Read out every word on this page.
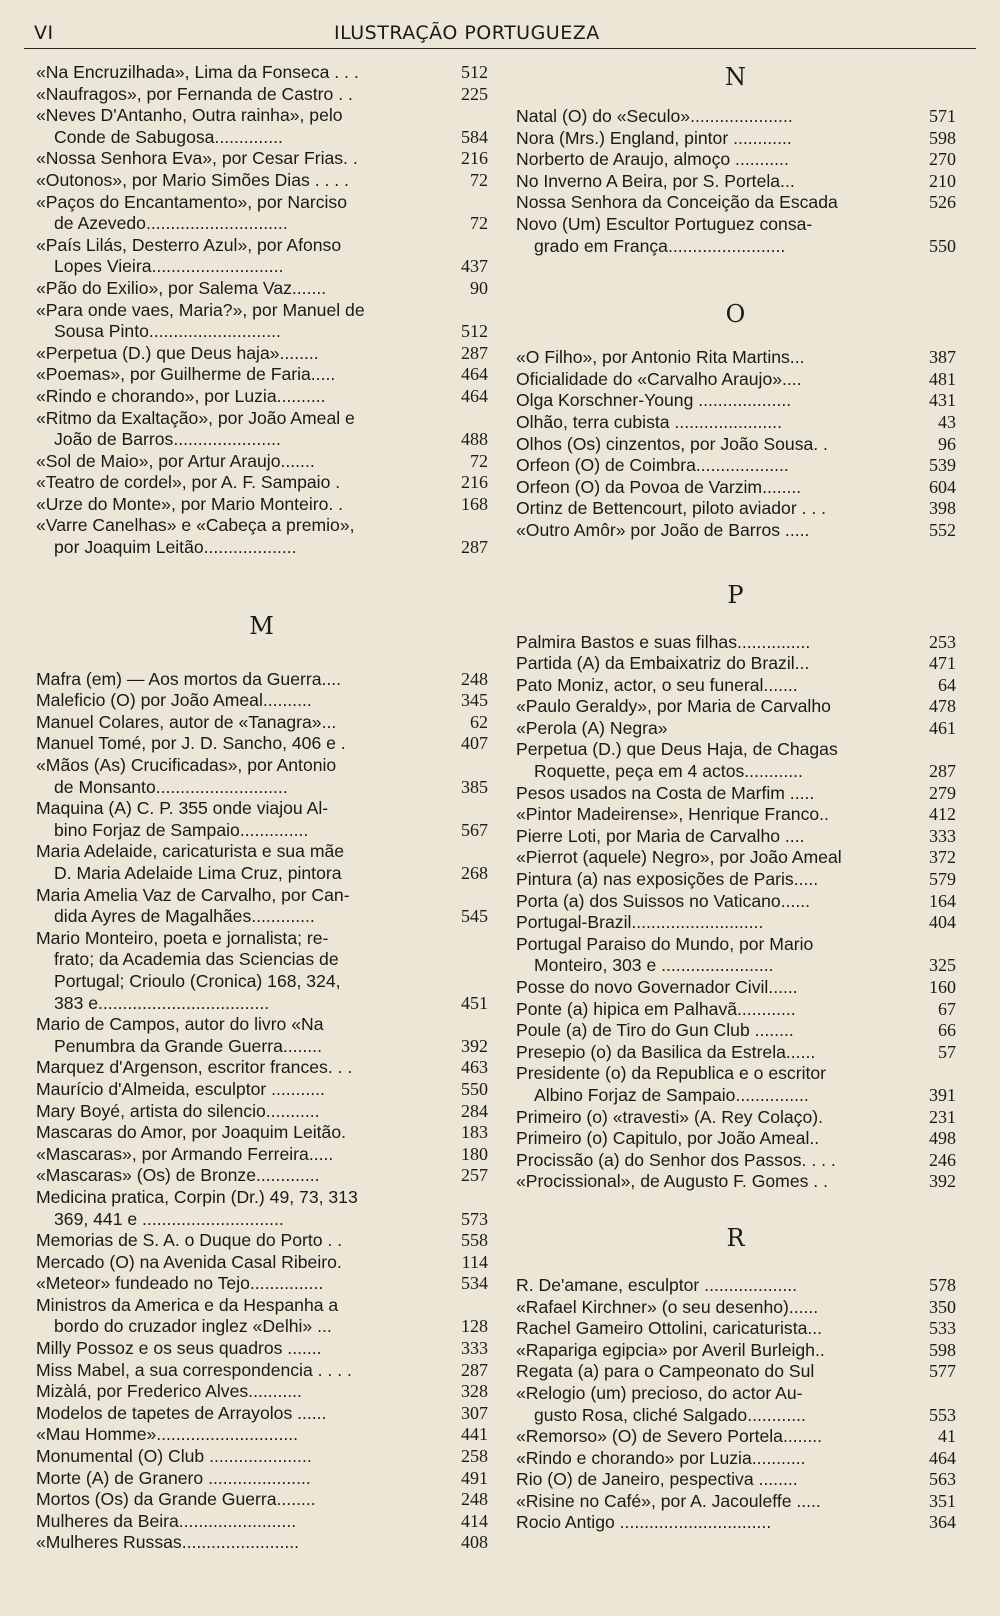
VI	ILUSTRAÇÃO PORTUGUEZA
«Na Encruzilhada», Lima da Fonseca . . .	512
«Naufragos», por Fernanda de Castro . .	225
«Neves D'Antanho, Outra rainha», pelo
Conde de Sabugosa..............	584
«Nossa Senhora Eva», por Cesar Frias. .	216
«Outonos», por Mario Simões Dias . . . .	72
«Paços do Encantamento», por Narciso
de Azevedo.............................	72
«País Lilás, Desterro Azul», por Afonso
Lopes Vieira...........................	437
«Pão do Exilio», por Salema Vaz.......	90
«Para onde vaes, Maria?», por Manuel de
Sousa Pinto...........................	512
«Perpetua (D.) que Deus haja»........	287
«Poemas», por Guilherme de Faria.....	464
«Rindo e chorando», por Luzia..........	464
«Ritmo da Exaltação», por João Ameal e
João de Barros......................	488
«Sol de Maio», por Artur Araujo.......	72
«Teatro de cordel», por A. F. Sampaio .	216
«Urze do Monte», por Mario Monteiro. .	168
«Varre Canelhas» e «Cabeça a premio»,
por Joaquim Leitão...................	287
M
Mafra (em) — Aos mortos da Guerra....	248
Maleficio (O) por João Ameal..........	345
Manuel Colares, autor de «Tanagra»...	62
Manuel Tomé, por J. D. Sancho, 406 e .	407
«Mãos (As) Crucificadas», por Antonio
de Monsanto...........................	385
Maquina (A) C. P. 355 onde viajou Al-
bino Forjaz de Sampaio..............	567
Maria Adelaide, caricaturista e sua mãe
D. Maria Adelaide Lima Cruz, pintora	268
Maria Amelia Vaz de Carvalho, por Can-
dida Ayres de Magalhães.............	545
Mario Monteiro, poeta e jornalista; re-
frato; da Academia das Sciencias de
Portugal; Crioulo (Cronica) 168, 324,
383 e...................................	451
Mario de Campos, autor do livro «Na
Penumbra da Grande Guerra........	392
Marquez d'Argenson, escritor frances. . .	463
Maurício d'Almeida, esculptor ...........	550
Mary Boyé, artista do silencio...........	284
Mascaras do Amor, por Joaquim Leitão.	183
«Mascaras», por Armando Ferreira.....	180
«Mascaras» (Os) de Bronze.............	257
Medicina pratica, Corpin (Dr.) 49, 73, 313
369, 441 e .............................	573
Memorias de S. A. o Duque do Porto . .	558
Mercado (O) na Avenida Casal Ribeiro.	114
«Meteor» fundeado no Tejo...............	534
Ministros da America e da Hespanha a
bordo do cruzador inglez «Delhi» ...	128
Milly Possoz e os seus quadros .......	333
Miss Mabel, a sua correspondencia . . . .	287
Mizàlá, por Frederico Alves...........	328
Modelos de tapetes de Arrayolos ......	307
«Mau Homme».............................	441
Monumental (O) Club .....................	258
Morte (A) de Granero .....................	491
Mortos (Os) da Grande Guerra........	248
Mulheres da Beira........................	414
«Mulheres Russas........................	408
N
Natal (O) do «Seculo».....................	571
Nora (Mrs.) England, pintor ............	598
Norberto de Araujo, almoço ...........	270
No Inverno A Beira, por S. Portela...	210
Nossa Senhora da Conceição da Escada	526
Novo (Um) Escultor Portuguez consa-
grado em França........................	550
O
«O Filho», por Antonio Rita Martins...	387
Oficialidade do «Carvalho Araujo»....	481
Olga Korschner-Young ...................	431
Olhão, terra cubista ......................	43
Olhos (Os) cinzentos, por João Sousa. .	96
Orfeon (O) de Coimbra...................	539
Orfeon (O) da Povoa de Varzim........	604
Ortinz de Bettencourt, piloto aviador . . .	398
«Outro Amôr» por João de Barros .....	552
P
Palmira Bastos e suas filhas...............	253
Partida (A) da Embaixatriz do Brazil...	471
Pato Moniz, actor, o seu funeral.......	64
«Paulo Geraldy», por Maria de Carvalho	478
«Perola (A) Negra»	461
Perpetua (D.) que Deus Haja, de Chagas
Roquette, peça em 4 actos............	287
Pesos usados na Costa de Marfim .....	279
«Pintor Madeirense», Henrique Franco..	412
Pierre Loti, por Maria de Carvalho ....	333
«Pierrot (aquele) Negro», por João Ameal	372
Pintura (a) nas exposições de Paris.....	579
Porta (a) dos Suissos no Vaticano......	164
Portugal-Brazil...........................	404
Portugal Paraiso do Mundo, por Mario
Monteiro, 303 e .......................	325
Posse do novo Governador Civil......	160
Ponte (a) hipica em Palhavã............	67
Poule (a) de Tiro do Gun Club ........	66
Presepio (o) da Basilica da Estrela......	57
Presidente (o) da Republica e o escritor
Albino Forjaz de Sampaio...............	391
Primeiro (o) «travesti» (A. Rey Colaço).	231
Primeiro (o) Capitulo, por João Ameal..	498
Procissão (a) do Senhor dos Passos. . . .	246
«Procissional», de Augusto F. Gomes . .	392
R
R. De'amane, esculptor ...................	578
«Rafael Kirchner» (o seu desenho)......	350
Rachel Gameiro Ottolini, caricaturista...	533
«Rapariga egipcia» por Averil Burleigh..	598
Regata (a) para o Campeonato do Sul	577
«Relogio (um) precioso, do actor Au-
gusto Rosa, cliché Salgado............	553
«Remorso» (O) de Severo Portela........	41
«Rindo e chorando» por Luzia...........	464
Rio (O) de Janeiro, pespectiva ........	563
«Risine no Café», por A. Jacouleffe .....	351
Rocio Antigo ...............................	364
